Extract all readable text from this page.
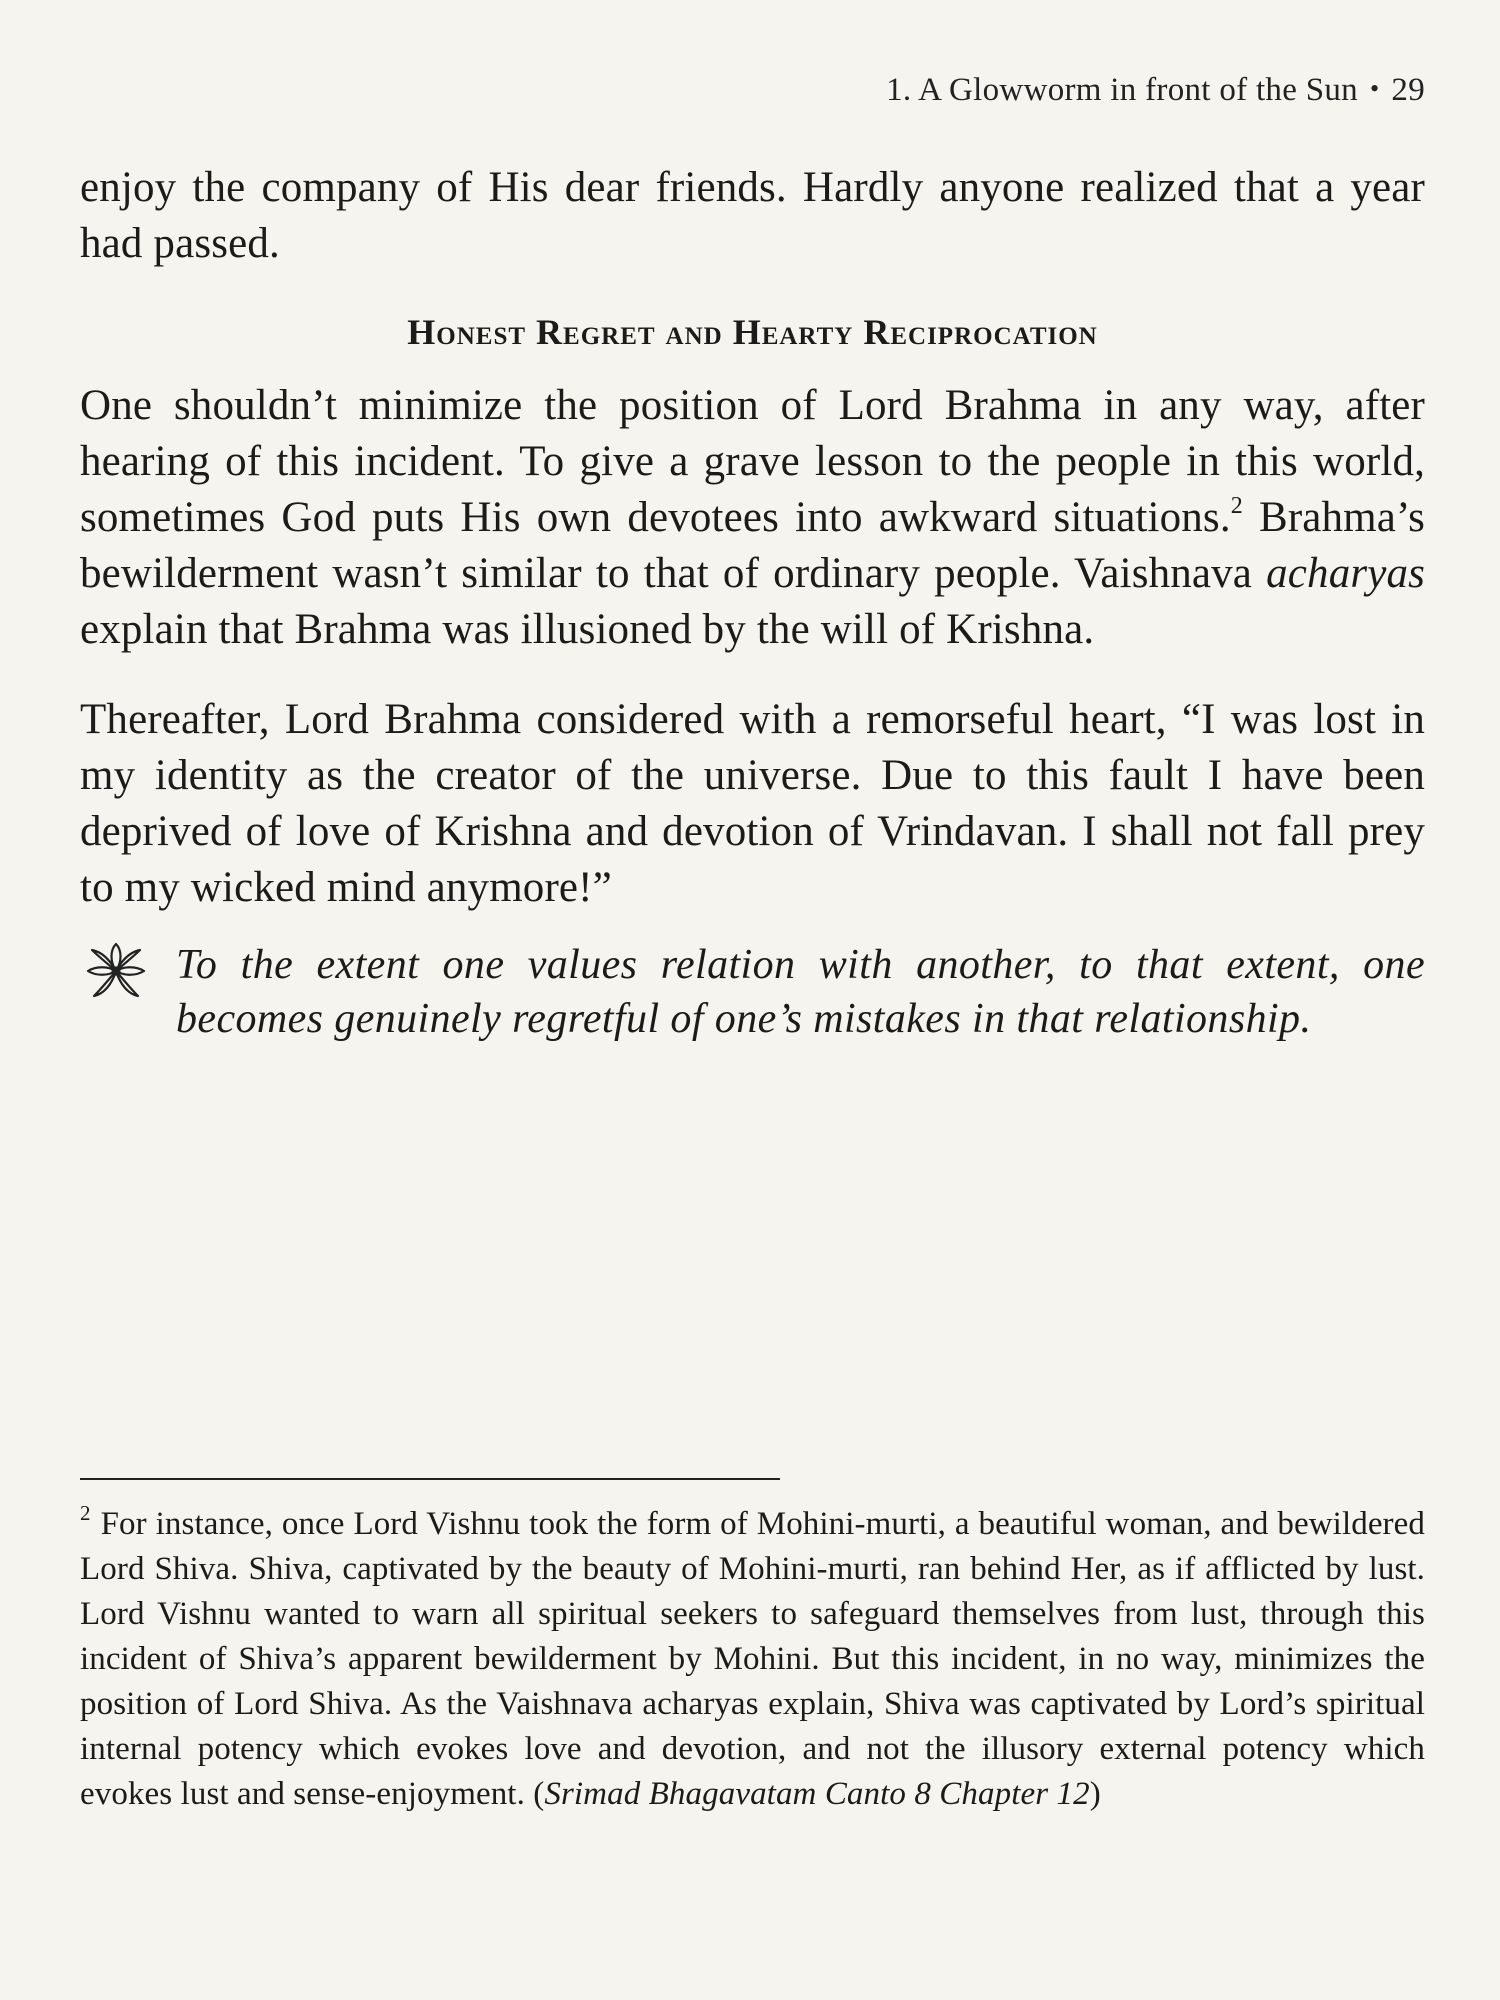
1. A Glowworm in front of the Sun • 29

enjoy the company of His dear friends. Hardly anyone realized that a year had passed.

Honest Regret and Hearty Reciprocation

One shouldn’t minimize the position of Lord Brahma in any way, after hearing of this incident. To give a grave lesson to the people in this world, sometimes God puts His own devotees into awkward situations.$^2$ Brahma’s bewilderment wasn’t similar to that of ordinary people. Vaishnava acharyas explain that Brahma was illusioned by the will of Krishna.

Thereafter, Lord Brahma considered with a remorseful heart, “I was lost in my identity as the creator of the universe. Due to this fault I have been deprived of love of Krishna and devotion of Vrindavan. I shall not fall prey to my wicked mind anymore!”

To the extent one values relation with another, to that extent, one becomes genuinely regretful of one’s mistakes in that relationship.

$^2$ For instance, once Lord Vishnu took the form of Mohini-murti, a beautiful woman, and bewildered Lord Shiva. Shiva, captivated by the beauty of Mohini-murti, ran behind Her, as if afflicted by lust. Lord Vishnu wanted to warn all spiritual seekers to safeguard themselves from lust, through this incident of Shiva’s apparent bewilderment by Mohini. But this incident, in no way, minimizes the position of Lord Shiva. As the Vaishnava acharyas explain, Shiva was captivated by Lord’s spiritual internal potency which evokes love and devotion, and not the illusory external potency which evokes lust and sense-enjoyment. (Srimad Bhagavatam Canto 8 Chapter 12)
